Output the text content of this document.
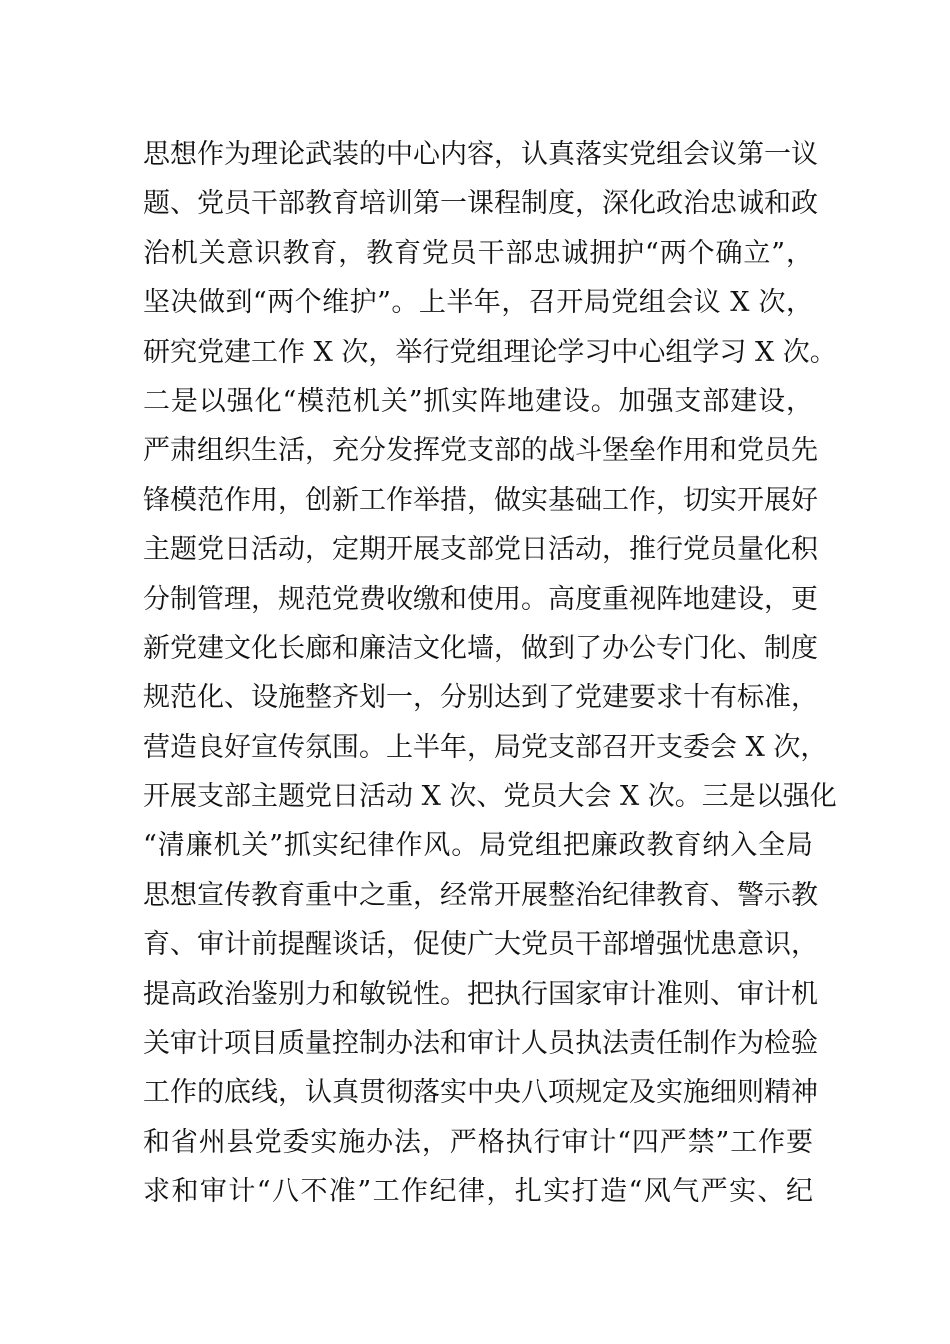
思想作为理论武装的中心内容，认真落实党组会议第一议
题、党员干部教育培训第一课程制度，深化政治忠诚和政
治机关意识教育，教育党员干部忠诚拥护“两个确立”，
坚决做到“两个维护”。上半年，召开局党组会议 X 次，
研究党建工作 X 次，举行党组理论学习中心组学习 X 次。
二是以强化“模范机关”抓实阵地建设。加强支部建设，
严肃组织生活，充分发挥党支部的战斗堡垒作用和党员先
锋模范作用，创新工作举措，做实基础工作，切实开展好
主题党日活动，定期开展支部党日活动，推行党员量化积
分制管理，规范党费收缴和使用。高度重视阵地建设，更
新党建文化长廊和廉洁文化墙，做到了办公专门化、制度
规范化、设施整齐划一，分别达到了党建要求十有标准，
营造良好宣传氛围。上半年，局党支部召开支委会 X 次，
开展支部主题党日活动 X 次、党员大会 X 次。三是以强化
“清廉机关”抓实纪律作风。局党组把廉政教育纳入全局
思想宣传教育重中之重，经常开展整治纪律教育、警示教
育、审计前提醒谈话，促使广大党员干部增强忧患意识，
提高政治鉴别力和敏锐性。把执行国家审计准则、审计机
关审计项目质量控制办法和审计人员执法责任制作为检验
工作的底线，认真贯彻落实中央八项规定及实施细则精神
和省州县党委实施办法，严格执行审计“四严禁”工作要
求和审计“八不准”工作纪律，扎实打造“风气严实、纪
